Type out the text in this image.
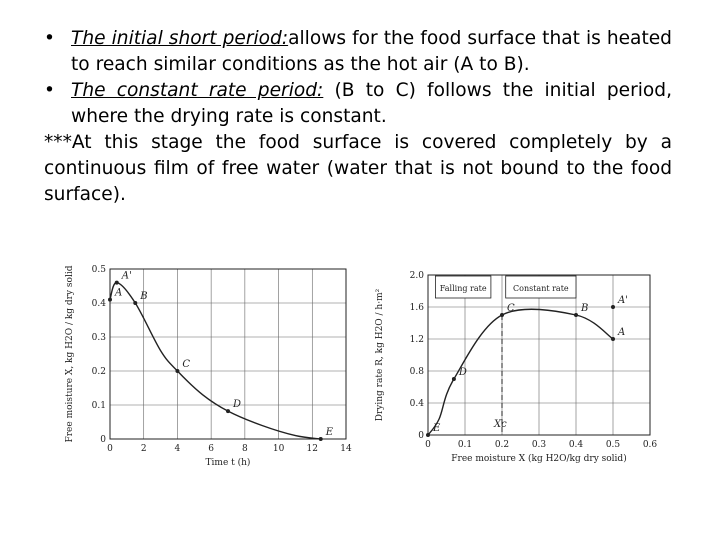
• The initial short period:allows for the food surface that is heated to reach similar conditions as the hot air (A to B).
• The constant rate period: (B to C) follows the initial period, where the drying rate is constant.
***At this stage the food surface is covered completely by a continuous film of free water (water that is not bound to the food surface).
0	2	4	6	8	10 12 14
0
0.1
0.2
0.3
0.4
0.5
A'
A B
C
D
E
Time t (h)
Free moisture X, kg H2O / kg dry solid
0	0.1	0.2	0.3	0.4	0.5	0.6
0
0.4
0.8
1.2
1.6
2.0
E
D
C	B
A'
A
Free moisture X (kg H2O/kg dry solid)
Drying rate R, kg H2O / h·m²
Xc
Falling rate	Constant rate
